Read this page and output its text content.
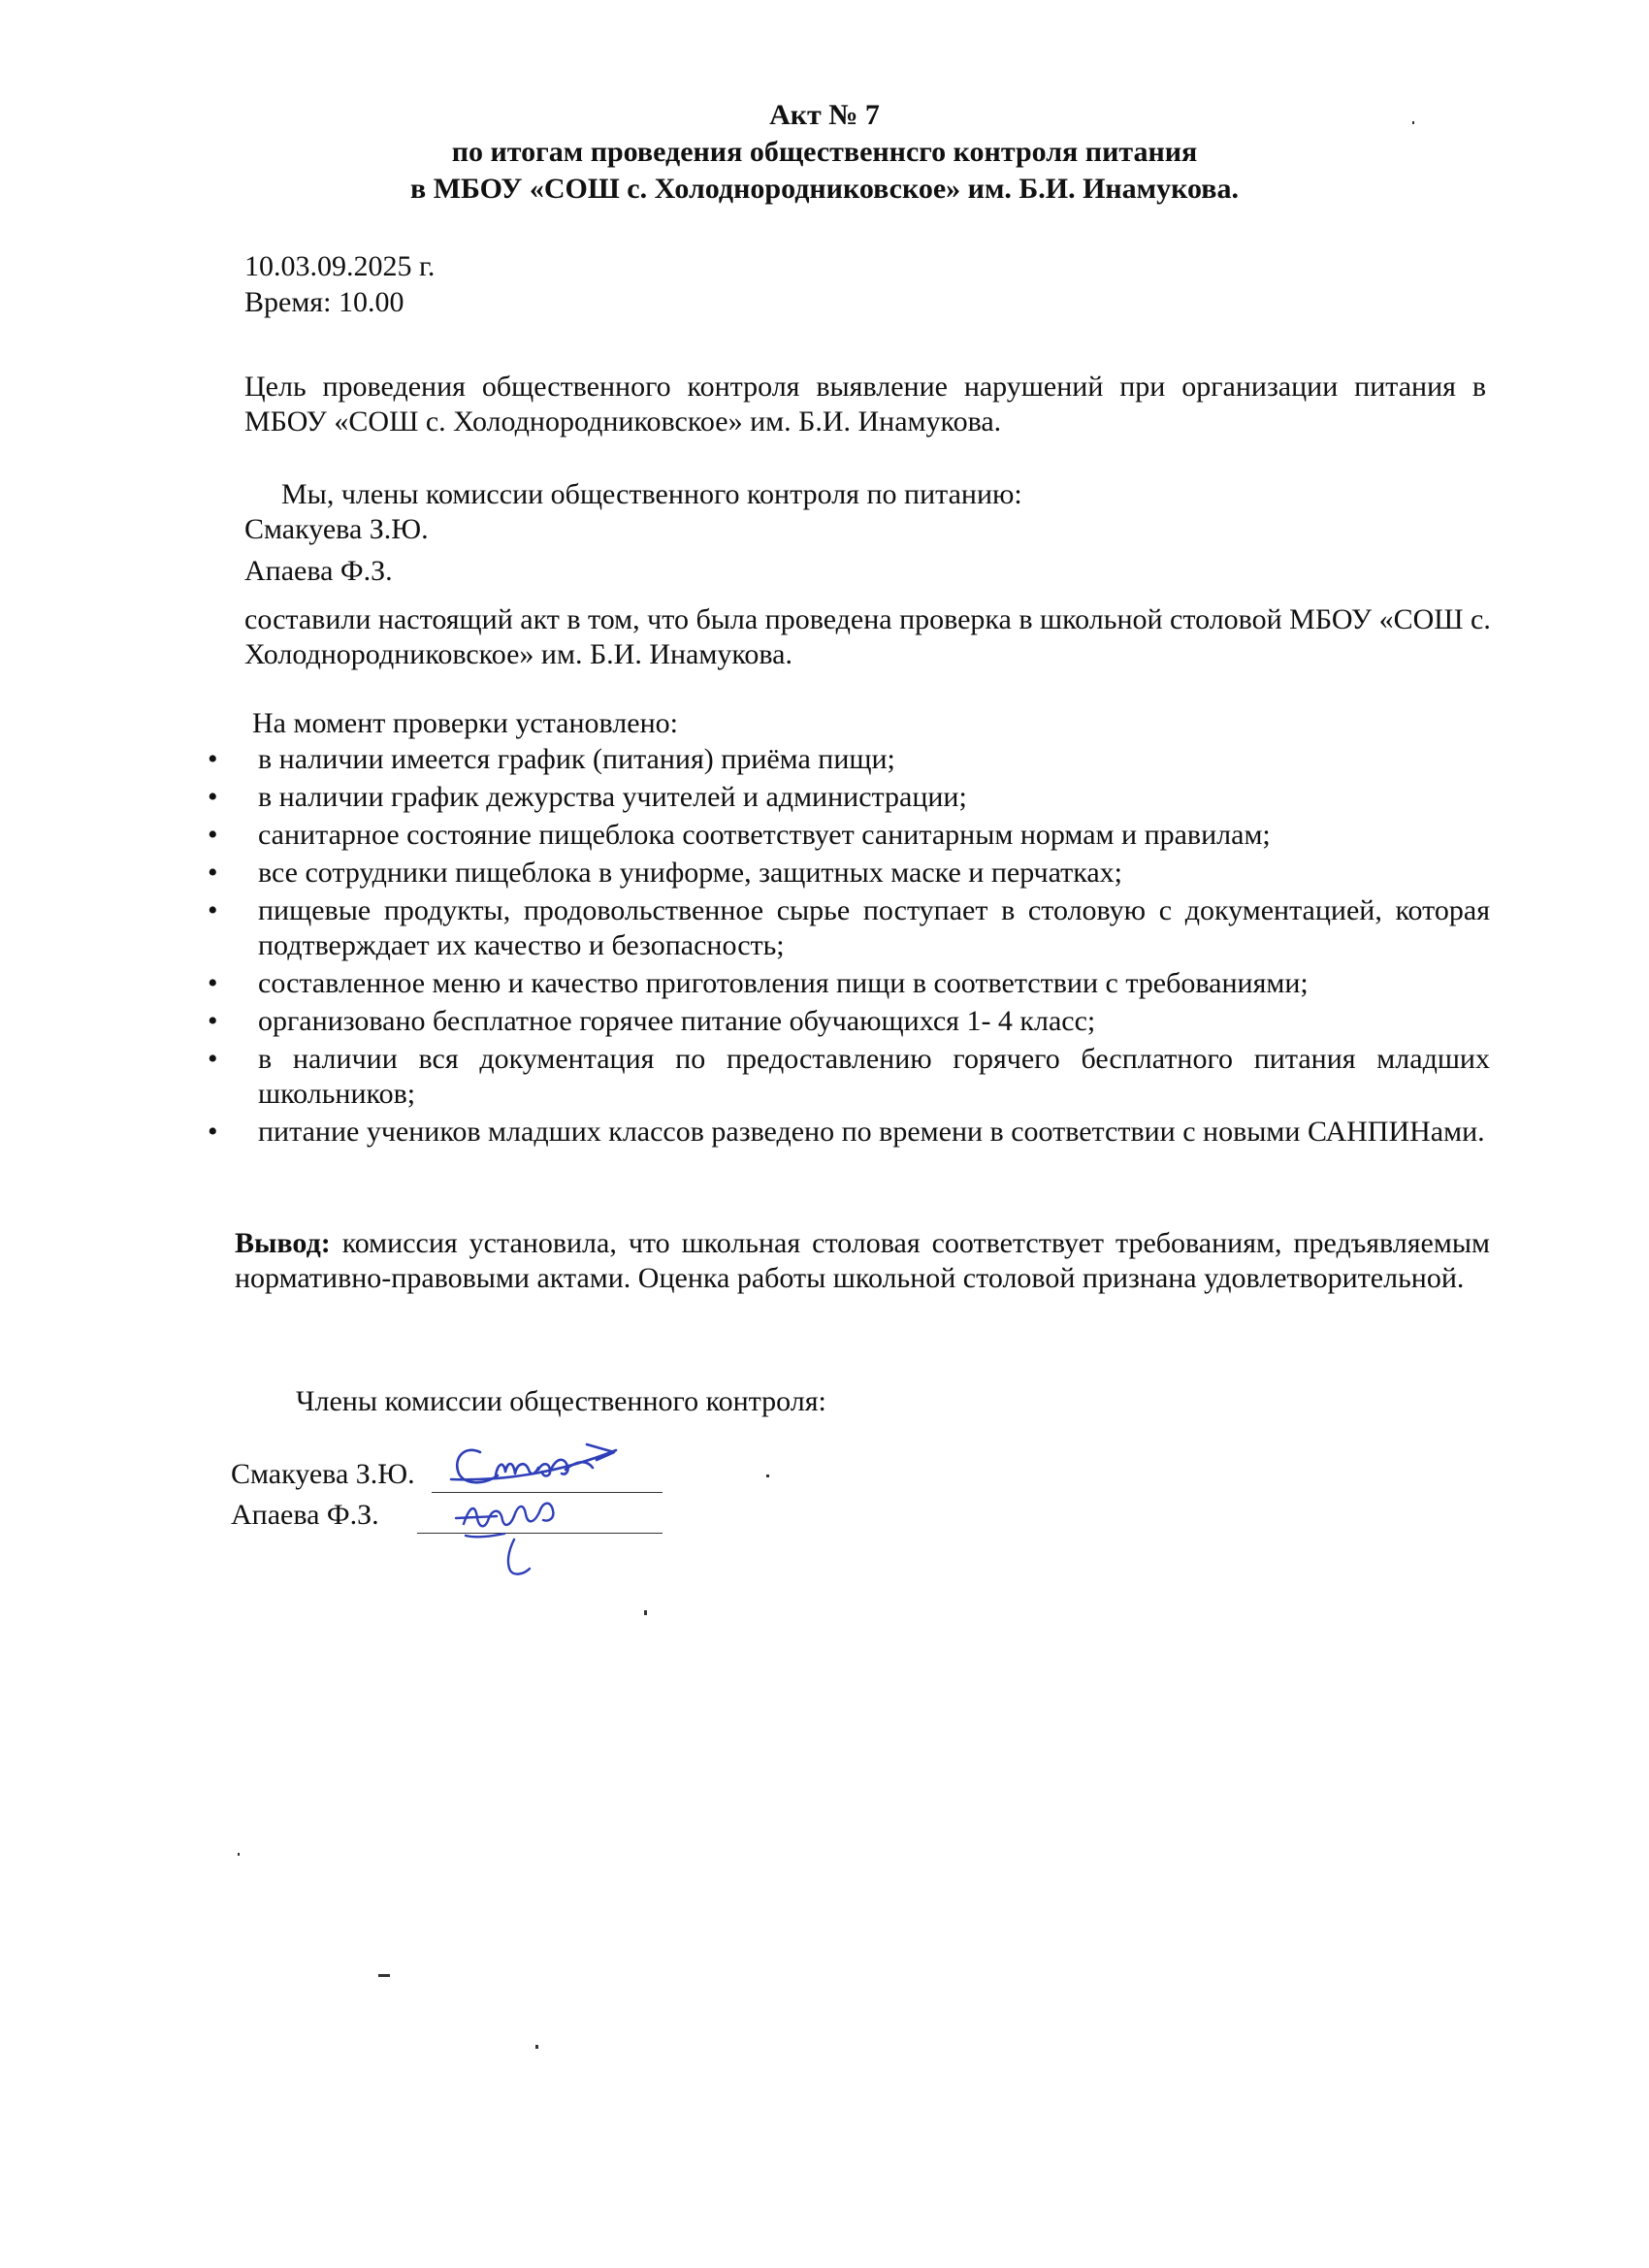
Акт № 7
по итогам проведения общественнсго контроля питания
в МБОУ «СОШ с. Холоднородниковское» им. Б.И. Инамукова.
10.03.09.2025 г.
Время: 10.00
Цель проведения общественного контроля выявление нарушений при организации питания в МБОУ «СОШ с. Холоднородниковское» им. Б.И. Инамукова.
Мы, члены комиссии общественного контроля по питанию:
Смакуева З.Ю.
Апаева Ф.З.
составили настоящий акт в том, что была проведена проверка в школьной столовой МБОУ «СОШ с. Холоднородниковское» им. Б.И. Инамукова.
На момент проверки установлено:
• в наличии имеется график (питания) приёма пищи;
• в наличии график дежурства учителей и администрации;
• санитарное состояние пищеблока соответствует санитарным нормам и правилам;
• все сотрудники пищеблока в униформе, защитных маске и перчатках;
• пищевые продукты, продовольственное сырье поступает в столовую с документацией, которая подтверждает их качество и безопасность;
• составленное меню и качество приготовления пищи в соответствии с требованиями;
• организовано бесплатное горячее питание обучающихся 1- 4 класс;
• в наличии вся документация по предоставлению горячего бесплатного питания младших школьников;
• питание учеников младших классов разведено по времени в соответствии с новыми САНПИНами.
Вывод: комиссия установила, что школьная столовая соответствует требованиям, предъявляемым нормативно-правовыми актами. Оценка работы школьной столовой признана удовлетворительной.
Члены комиссии общественного контроля:
Смакуева З.Ю.
Апаева Ф.З.
